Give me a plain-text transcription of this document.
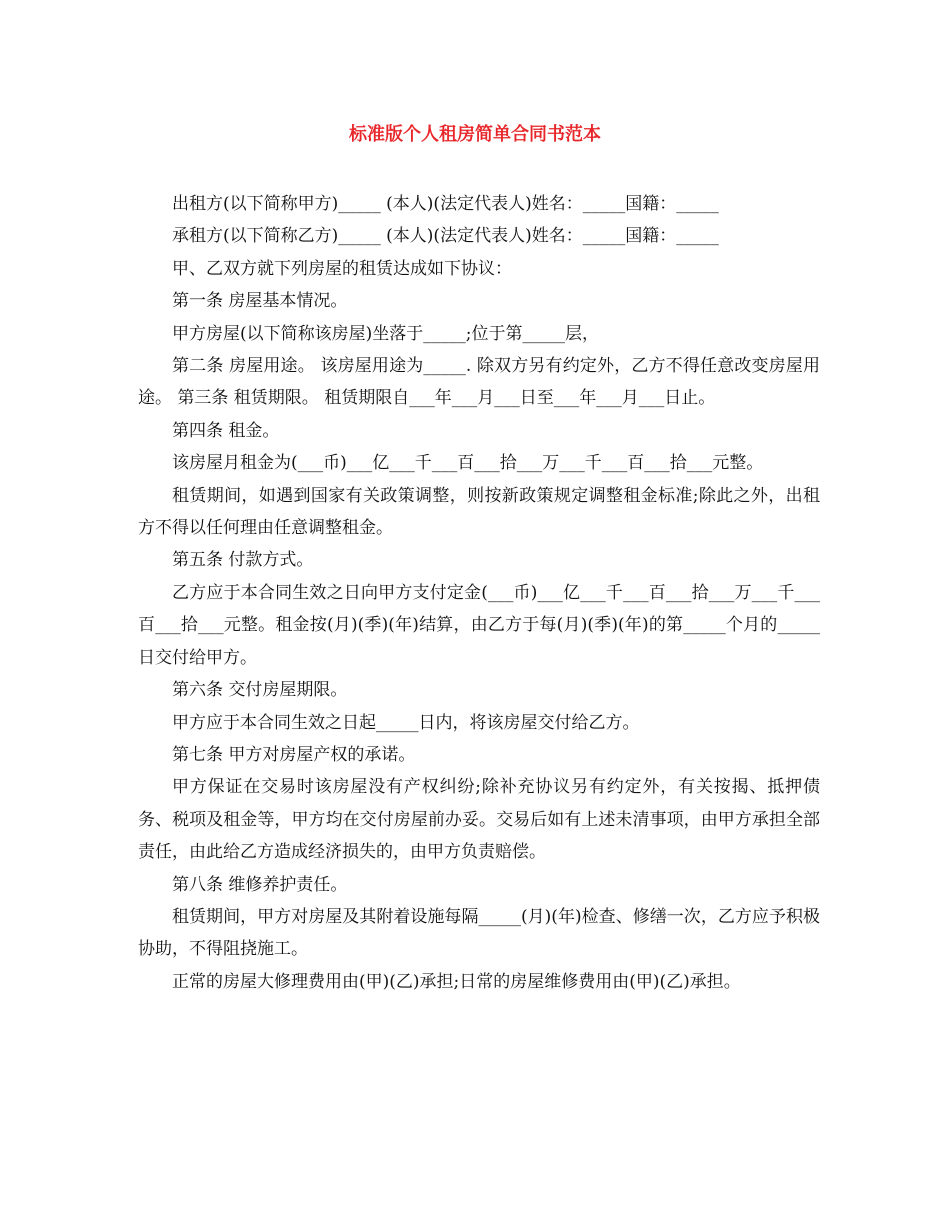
标准版个人租房简单合同书范本

出租方(以下简称甲方)_____ (本人)(法定代表人)姓名：_____国籍：_____

承租方(以下简称乙方)_____ (本人)(法定代表人)姓名：_____国籍：_____

甲、乙双方就下列房屋的租赁达成如下协议：

第一条 房屋基本情况。

甲方房屋(以下简称该房屋)坐落于_____;位于第_____层，

第二条 房屋用途。 该房屋用途为_____. 除双方另有约定外，乙方不得任意改变房屋用途。 第三条 租赁期限。 租赁期限自___年___月___日至___年___月___日止。

第四条 租金。

该房屋月租金为(___币)___亿___千___百___拾___万___千___百___拾___元整。

租赁期间，如遇到国家有关政策调整，则按新政策规定调整租金标准;除此之外，出租方不得以任何理由任意调整租金。

第五条 付款方式。

乙方应于本合同生效之日向甲方支付定金(___币)___亿___千___百___拾___万___千___百___拾___元整。租金按(月)(季)(年)结算，由乙方于每(月)(季)(年)的第_____个月的_____日交付给甲方。

第六条 交付房屋期限。

甲方应于本合同生效之日起_____日内，将该房屋交付给乙方。

第七条 甲方对房屋产权的承诺。

甲方保证在交易时该房屋没有产权纠纷;除补充协议另有约定外，有关按揭、抵押债务、税项及租金等，甲方均在交付房屋前办妥。交易后如有上述未清事项，由甲方承担全部责任，由此给乙方造成经济损失的，由甲方负责赔偿。

第八条 维修养护责任。

租赁期间，甲方对房屋及其附着设施每隔_____(月)(年)检查、修缮一次，乙方应予积极协助，不得阻挠施工。

正常的房屋大修理费用由(甲)(乙)承担;日常的房屋维修费用由(甲)(乙)承担。
